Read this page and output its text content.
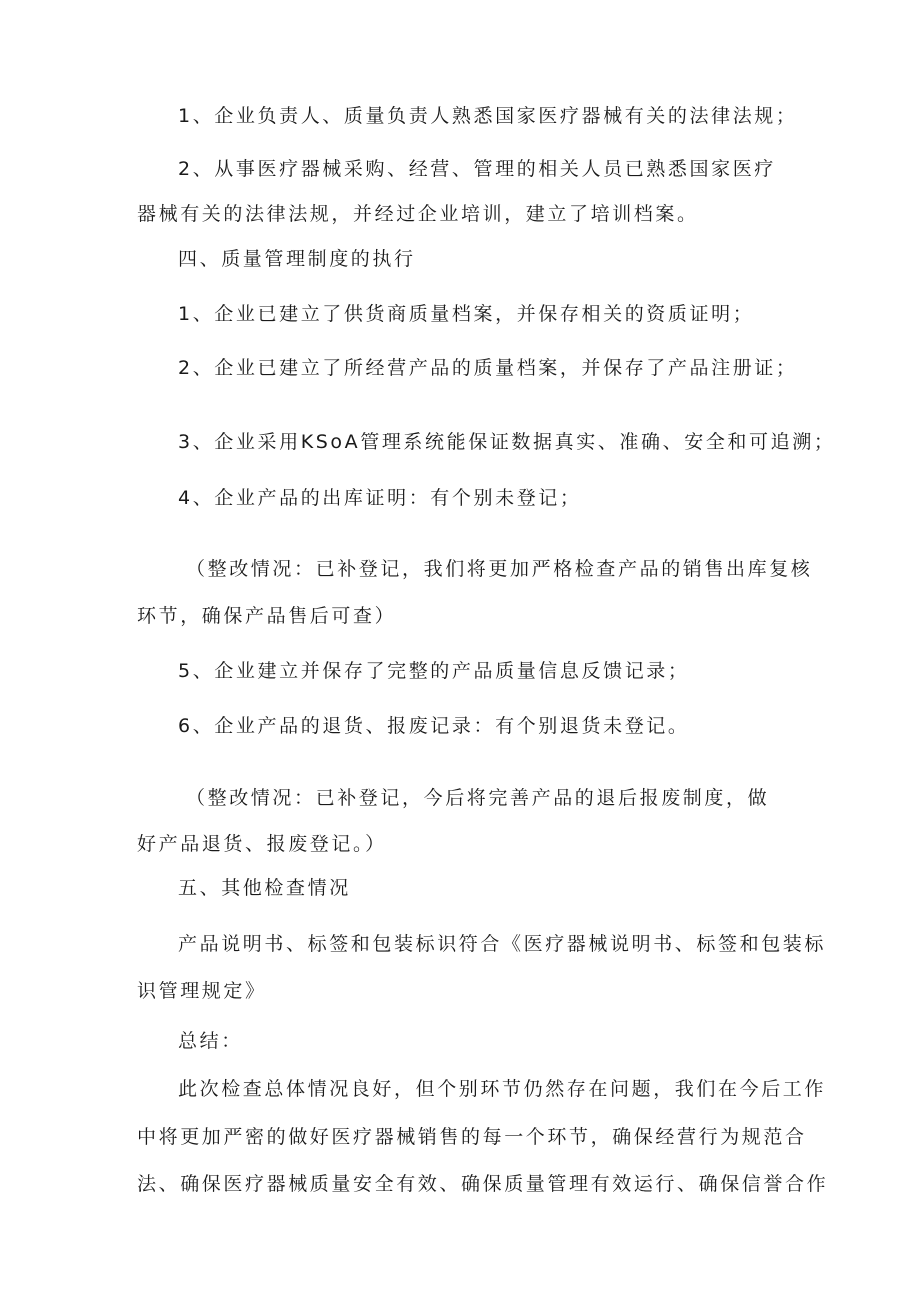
1、企业负责人、质量负责人熟悉国家医疗器械有关的法律法规；
2、从事医疗器械采购、经营、管理的相关人员已熟悉国家医疗
器械有关的法律法规，并经过企业培训，建立了培训档案。
四、质量管理制度的执行
1、企业已建立了供货商质量档案，并保存相关的资质证明；
2、企业已建立了所经营产品的质量档案，并保存了产品注册证；
3、企业采用KSoA管理系统能保证数据真实、准确、安全和可追溯；
4、企业产品的出库证明：有个别未登记；
（整改情况：已补登记，我们将更加严格检查产品的销售出库复核
环节，确保产品售后可查）
5、企业建立并保存了完整的产品质量信息反馈记录；
6、企业产品的退货、报废记录：有个别退货未登记。
（整改情况：已补登记，今后将完善产品的退后报废制度，做
好产品退货、报废登记。）
五、其他检查情况
产品说明书、标签和包装标识符合《医疗器械说明书、标签和包装标
识管理规定》
总结：
此次检查总体情况良好，但个别环节仍然存在问题，我们在今后工作
中将更加严密的做好医疗器械销售的每一个环节，确保经营行为规范合
法、确保医疗器械质量安全有效、确保质量管理有效运行、确保信誉合作
